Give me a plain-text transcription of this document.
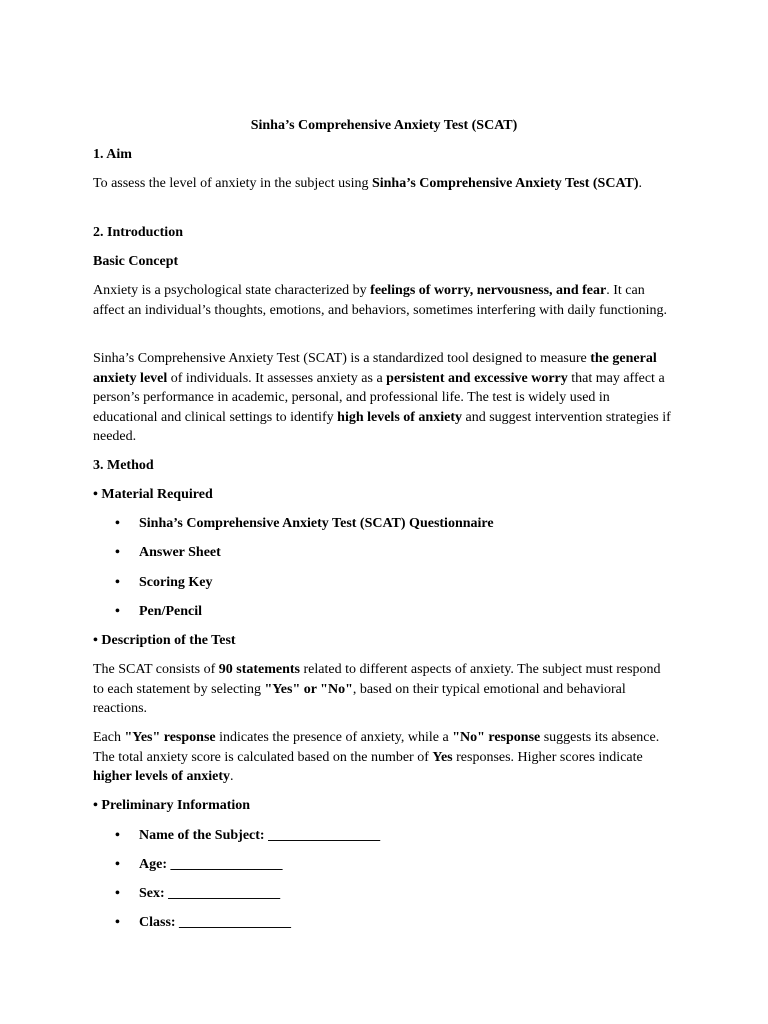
Sinha’s Comprehensive Anxiety Test (SCAT)

1. Aim

To assess the level of anxiety in the subject using Sinha’s Comprehensive Anxiety Test (SCAT).

2. Introduction

Basic Concept

Anxiety is a psychological state characterized by feelings of worry, nervousness, and fear. It can affect an individual’s thoughts, emotions, and behaviors, sometimes interfering with daily functioning.

Sinha’s Comprehensive Anxiety Test (SCAT) is a standardized tool designed to measure the general anxiety level of individuals. It assesses anxiety as a persistent and excessive worry that may affect a person’s performance in academic, personal, and professional life. The test is widely used in educational and clinical settings to identify high levels of anxiety and suggest intervention strategies if needed.

3. Method

• Material Required

• Sinha’s Comprehensive Anxiety Test (SCAT) Questionnaire
• Answer Sheet
• Scoring Key
• Pen/Pencil

• Description of the Test

The SCAT consists of 90 statements related to different aspects of anxiety. The subject must respond to each statement by selecting "Yes" or "No", based on their typical emotional and behavioral reactions.

Each "Yes" response indicates the presence of anxiety, while a "No" response suggests its absence. The total anxiety score is calculated based on the number of Yes responses. Higher scores indicate higher levels of anxiety.

• Preliminary Information

• Name of the Subject: ________________
• Age: ________________
• Sex: ________________
• Class: ________________
